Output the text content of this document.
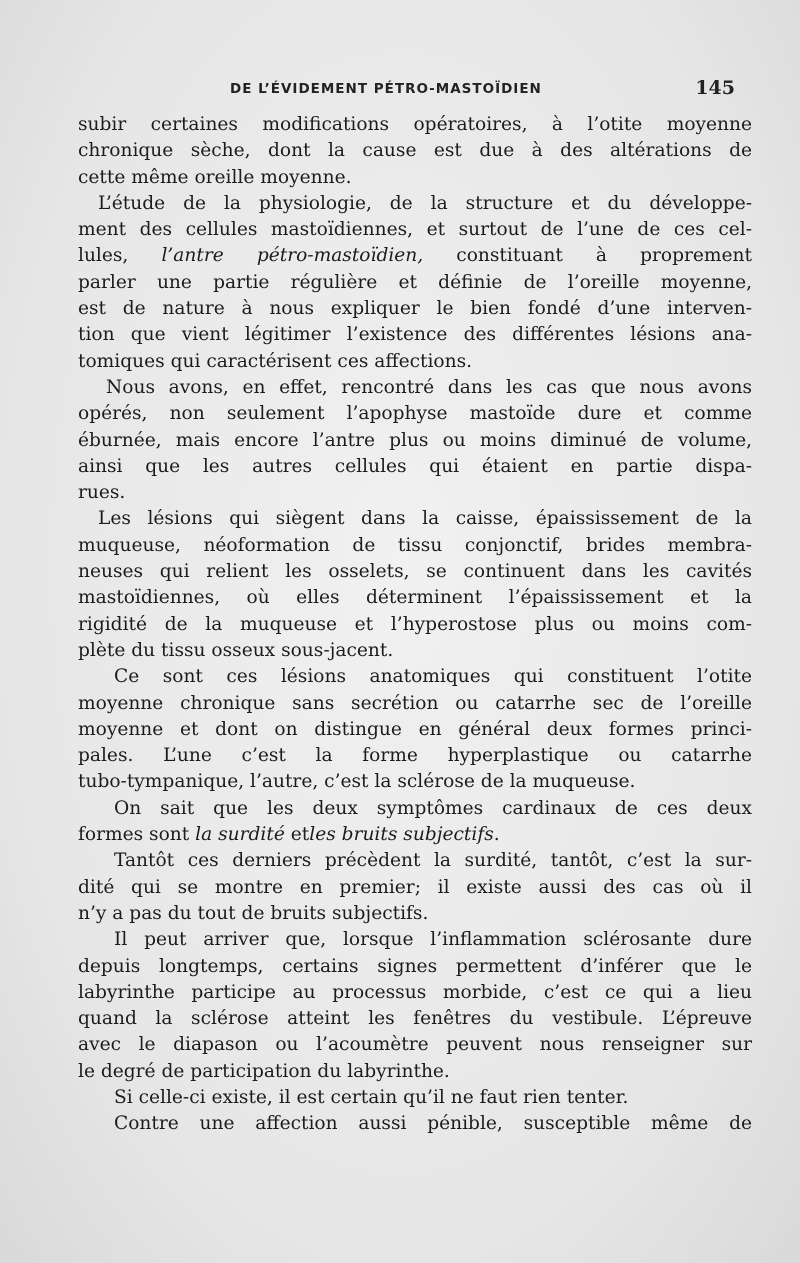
DE L’ÉVIDEMENT PÉTRO-MASTOÏDIEN	145
subir certaines modifications opératoires, à l’otite moyenne
chronique sèche, dont la cause est due à des altérations de
cette même oreille moyenne.
L’étude de la physiologie, de la structure et du développe-
ment des cellules mastoïdiennes, et surtout de l’une de ces cel-
lules, l’antre pétro-mastoïdien, constituant à proprement
parler une partie régulière et définie de l’oreille moyenne,
est de nature à nous expliquer le bien fondé d’une interven-
tion que vient légitimer l’existence des différentes lésions ana-
tomiques qui caractérisent ces affections.
Nous avons, en effet, rencontré dans les cas que nous avons
opérés, non seulement l’apophyse mastoïde dure et comme
éburnée, mais encore l’antre plus ou moins diminué de volume,
ainsi que les autres cellules qui étaient en partie dispa-
rues.
Les lésions qui siègent dans la caisse, épaississement de la
muqueuse, néoformation de tissu conjonctif, brides membra-
neuses qui relient les osselets, se continuent dans les cavités
mastoïdiennes, où elles déterminent l’épaississement et la
rigidité de la muqueuse et l’hyperostose plus ou moins com-
plète du tissu osseux sous-jacent.
Ce sont ces lésions anatomiques qui constituent l’otite
moyenne chronique sans secrétion ou catarrhe sec de l’oreille
moyenne et dont on distingue en général deux formes princi-
pales. L’une c’est la forme hyperplastique ou catarrhe
tubo-tympanique, l’autre, c’est la sclérose de la muqueuse.
On sait que les deux symptômes cardinaux de ces deux
formes sont la surdité etles bruits subjectifs.
Tantôt ces derniers précèdent la surdité, tantôt, c’est la sur-
dité qui se montre en premier; il existe aussi des cas où il
n’y a pas du tout de bruits subjectifs.
Il peut arriver que, lorsque l’inflammation sclérosante dure
depuis longtemps, certains signes permettent d’inférer que le
labyrinthe participe au processus morbide, c’est ce qui a lieu
quand la sclérose atteint les fenêtres du vestibule. L’épreuve
avec le diapason ou l’acoumètre peuvent nous renseigner sur
le degré de participation du labyrinthe.
Si celle-ci existe, il est certain qu’il ne faut rien tenter.
Contre une affection aussi pénible, susceptible même de
